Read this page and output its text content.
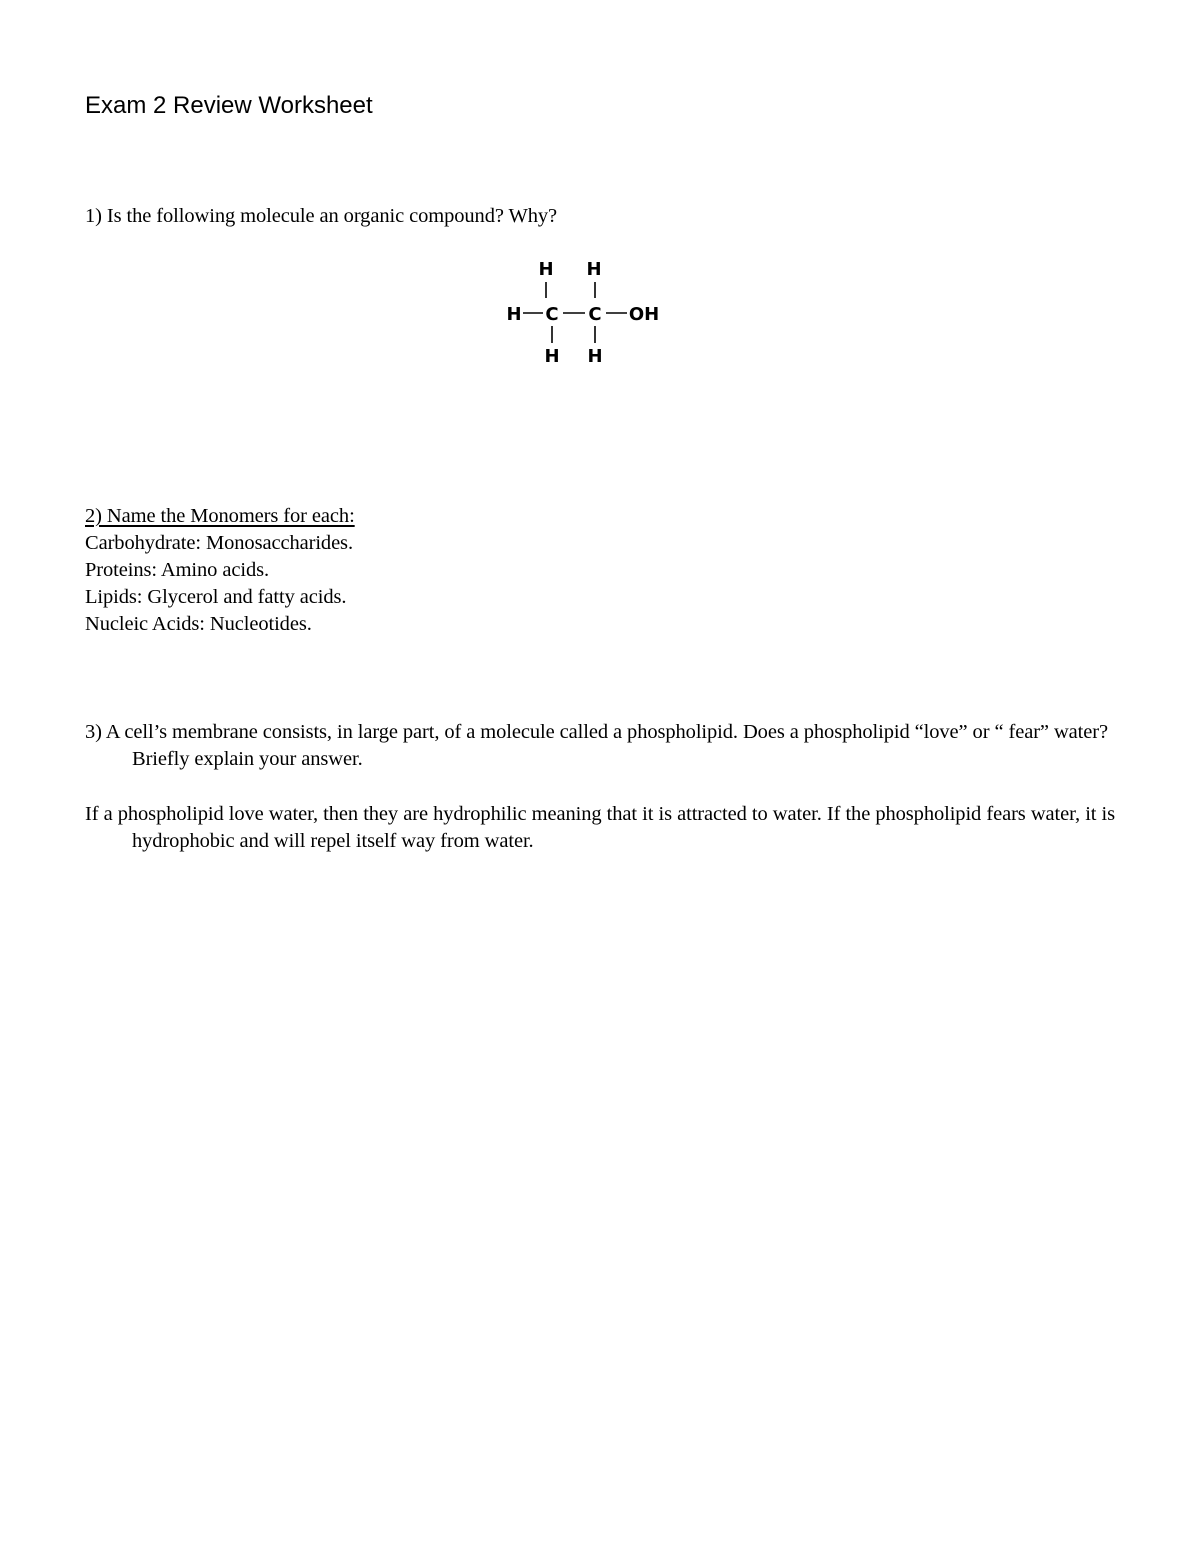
Exam 2 Review Worksheet
1) Is the following molecule an organic compound? Why?
H H
H C C OH
H H
2) Name the Monomers for each:
Carbohydrate: Monosaccharides.
Proteins: Amino acids.
Lipids: Glycerol and fatty acids.
Nucleic Acids: Nucleotides.

3) A cell’s membrane consists, in large part, of a molecule called a phospholipid. Does a phospholipid “love” or “ fear” water? Briefly explain your answer.

If a phospholipid love water, then they are hydrophilic meaning that it is attracted to water. If the phospholipid fears water, it is hydrophobic and will repel itself way from water.
